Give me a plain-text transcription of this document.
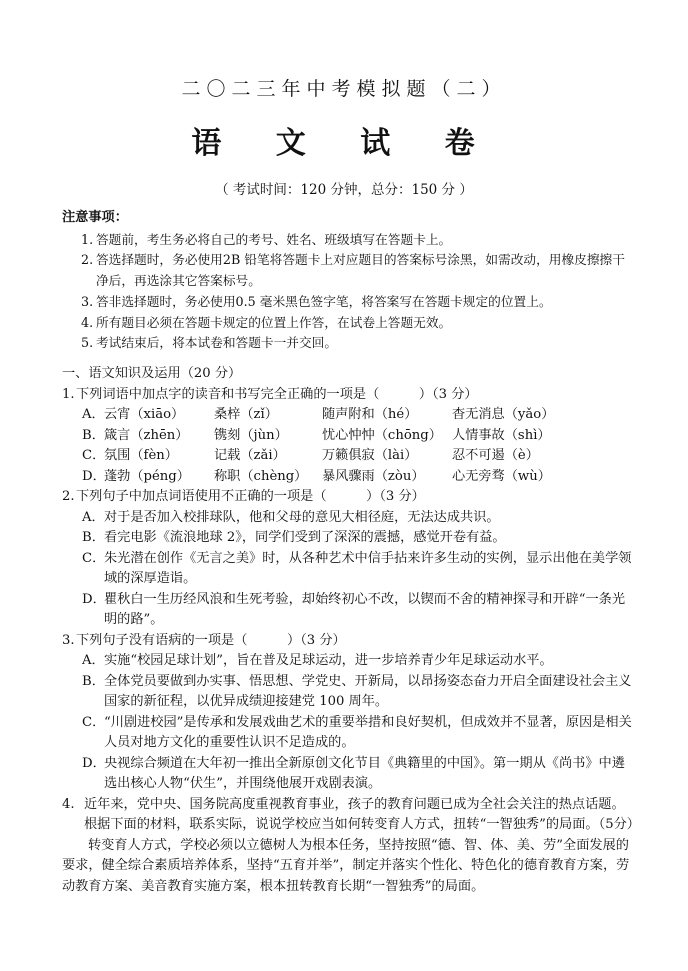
二〇二三年中考模拟题（二）
语 文 试 卷
（ 考试时间：120 分钟，总分：150 分 ）
注意事项：

1. 答题前，考生务必将自己的考号、姓名、班级填写在答题卡上。

2. 答选择题时，务必使用2B 铅笔将答题卡上对应题目的答案标号涂黑，如需改动，用橡皮擦擦干净后，再选涂其它答案标号。

3. 答非选择题时，务必使用0.5 毫米黑色签字笔，将答案写在答题卡规定的位置上。

4. 所有题目必须在答题卡规定的位置上作答，在试卷上答题无效。

5. 考试结束后，将本试卷和答题卡一并交回。

一、语文知识及运用（20 分）
1.下列词语中加点字的读音和书写完全正确的一项是（　　　）（3 分）
A． 云宵（xiāo）	桑梓（zǐ）	随声附和（hé）	杳无消息（yǎo）
B． 箴言（zhēn）	镌刻（jùn）	忧心忡忡（chōng） 人情事故（shì）
C．
氛围（fèn）	记载（zǎi）	万籁俱寂（lài）	忍不可遏（è）
D．
蓬勃（péng）	称职（chèng）	暴风骤雨（zòu）	心无旁骛（wù）
2.下列句子中加点词语使用不正确的一项是（　　　）（3 分）
A．对于是否加入校排球队，他和父母的意见大相径庭，无法达成共识。
B．看完电影《流浪地球 2》，同学们受到了深深的震撼，感觉开卷有益。
C．朱光潜在创作《无言之美》时，从各种艺术中信手拈来许多生动的实例，显示出他在美学领域的深厚造诣。
D．瞿秋白一生历经风浪和生死考验，却始终初心不改，以锲而不舍的精神探寻和开辟“一条光明的路”。
3.下列句子没有语病的一项是（　　　）（3 分）
A．实施“校园足球计划”，旨在普及足球运动，进一步培养青少年足球运动水平。
B．全体党员要做到办实事、悟思想、学党史、开新局，以昂扬姿态奋力开启全面建设社会主义国家的新征程，以优异成绩迎接建党 100 周年。
C．“川剧进校园”是传承和发展戏曲艺术的重要举措和良好契机，但成效并不显著，原因是相关人员对地方文化的重要性认识不足造成的。
D．央视综合频道在大年初一推出全新原创文化节目《典籍里的中国》。第一期从《尚书》中遴选出核心人物“伏生”，并围绕他展开戏剧表演。
4. 近年来，党中央、国务院高度重视教育事业，孩子的教育问题已成为全社会关注的热点话题。根据下面的材料，联系实际，说说学校应当如何转变育人方式，扭转“一智独秀”的局面。（5分）
转变育人方式，学校必须以立德树人为根本任务，坚持按照“德、智、体、美、劳”全面发展的要求，健全综合素质培养体系，坚持“五育并举”，制定并落实个性化、特色化的德育教育方案，劳动教育方案、美音教育实施方案，根本扭转教育长期“一智独秀”的局面。
